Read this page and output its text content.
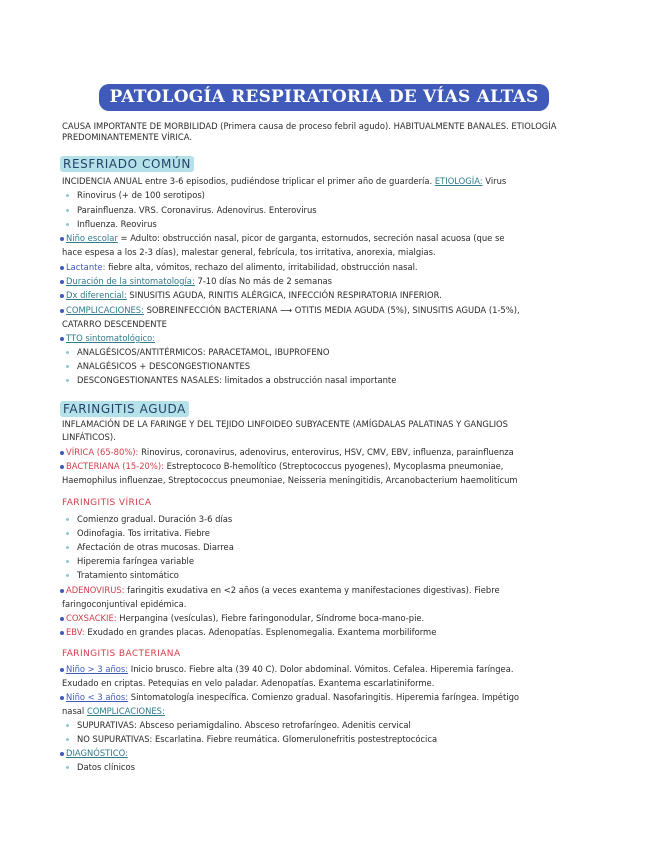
PATOLOGÍA RESPIRATORIA DE VÍAS ALTAS
CAUSA IMPORTANTE DE MORBILIDAD (Primera causa de proceso febril agudo). HABITUALMENTE BANALES. ETIOLOGÍA PREDOMINANTEMENTE VÍRICA.
RESFRIADO COMÚN
INCIDENCIA ANUAL entre 3-6 episodios, pudiéndose triplicar el primer año de guardería. ETIOLOGÍA: Virus
Rinovirus (+ de 100 serotipos)
Parainfluenza. VRS. Coronavirus. Adenovirus. Enterovirus
Influenza. Reovirus
Niño escolar = Adulto: obstrucción nasal, picor de garganta, estornudos, secreción nasal acuosa (que se
hace espesa a los 2-3 días), malestar general, febrícula, tos irritativa, anorexia, mialgias.
Lactante: fiebre alta, vómitos, rechazo del alimento, irritabilidad, obstrucción nasal.
Duración de la sintomatología: 7-10 días No más de 2 semanas
Dx diferencial: SINUSITIS AGUDA, RINITIS ALÉRGICA, INFECCIÓN RESPIRATORIA INFERIOR.
COMPLICACIONES: SOBREINFECCIÓN BACTERIANA ⟶ OTITIS MEDIA AGUDA (5%), SINUSITIS AGUDA (1-5%),
CATARRO DESCENDENTE
TTO sintomatológico:
ANALGÉSICOS/ANTITÉRMICOS: PARACETAMOL, IBUPROFENO
ANALGÉSICOS + DESCONGESTIONANTES
DESCONGESTIONANTES NASALES: limitados a obstrucción nasal importante
FARINGITIS AGUDA
INFLAMACIÓN DE LA FARINGE Y DEL TEJIDO LINFOIDEO SUBYACENTE (AMÍGDALAS PALATINAS Y GANGLIOS
LINFÁTICOS).
VÍRICA (65-80%): Rinovirus, coronavirus, adenovirus, enterovirus, HSV, CMV, EBV, influenza, parainfluenza
BACTERIANA (15-20%): Estreptococo B-hemolítico (Streptococcus pyogenes), Mycoplasma pneumoniae,
Haemophilus influenzae, Streptococcus pneumoniae, Neisseria meningitidis, Arcanobacterium haemoliticum
FARINGITIS VÍRICA
Comienzo gradual. Duración 3-6 días
Odinofagia. Tos irritativa. Fiebre
Afectación de otras mucosas. Diarrea
Hiperemia faríngea variable
Tratamiento sintomático
ADENOVIRUS: faringitis exudativa en <2 años (a veces exantema y manifestaciones digestivas). Fiebre
faringoconjuntival epidémica.
COXSACKIE: Herpangina (vesículas), Fiebre faringonodular, Síndrome boca-mano-pie.
EBV: Exudado en grandes placas. Adenopatías. Esplenomegalia. Exantema morbiliforme
FARINGITIS BACTERIANA
Niño > 3 años: Inicio brusco. Fiebre alta (39 40 C). Dolor abdominal. Vómitos. Cefalea. Hiperemia faríngea.
Exudado en criptas. Petequias en velo paladar. Adenopatías. Exantema escarlatiniforme.
Niño < 3 años: Sintomatología inespecífica. Comienzo gradual. Nasofaringitis. Hiperemia faríngea. Impétigo
nasal COMPLICACIONES:
SUPURATIVAS: Absceso periamigdalino. Absceso retrofaríngeo. Adenitis cervical
NO SUPURATIVAS: Escarlatina. Fiebre reumática. Glomerulonefritis postestreptocócica
DIAGNÓSTICO:
Datos clínicos
